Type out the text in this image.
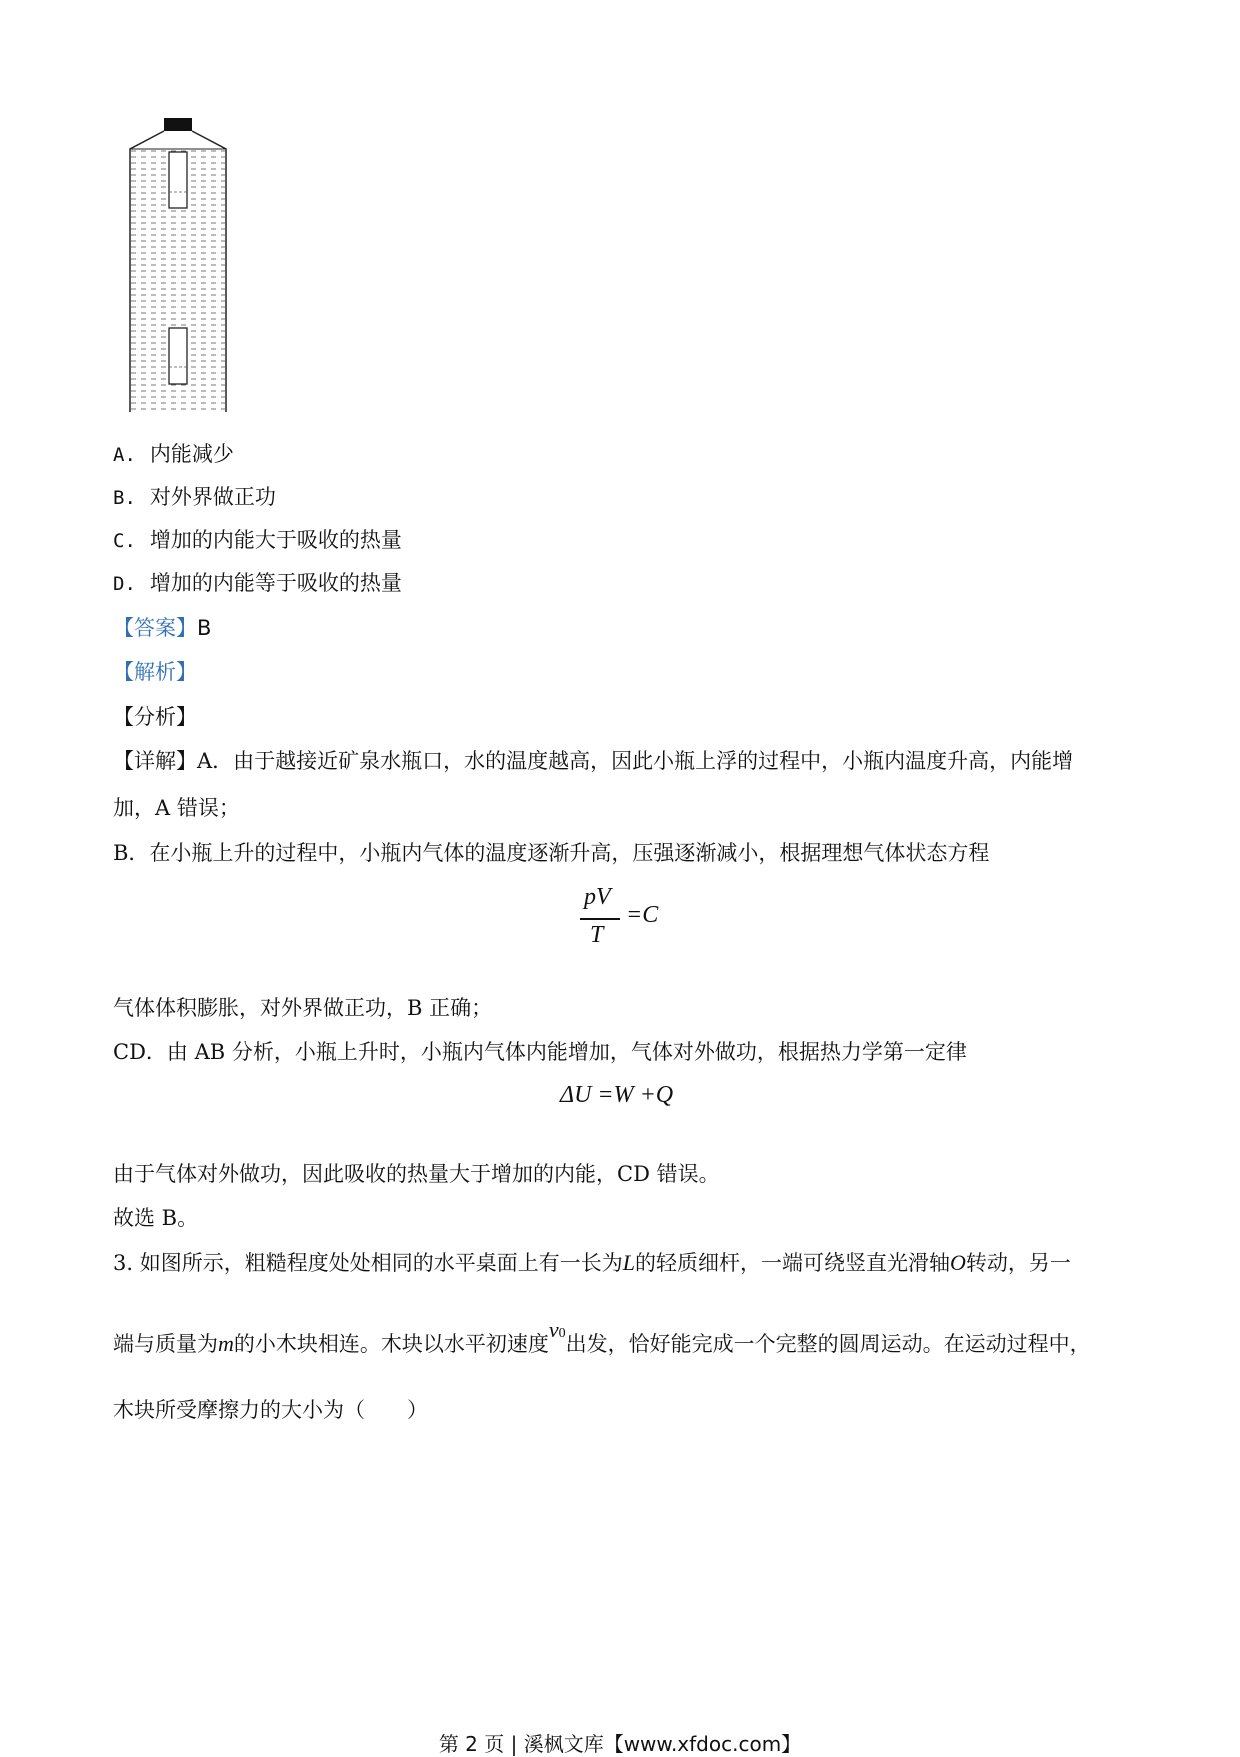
A. 内能减少
B. 对外界做正功
C. 增加的内能大于吸收的热量
D. 增加的内能等于吸收的热量
【答案】B
【解析】
【分析】
【详解】A．由于越接近矿泉水瓶口，水的温度越高，因此小瓶上浮的过程中，小瓶内温度升高，内能增
加，A 错误；
B．在小瓶上升的过程中，小瓶内气体的温度逐渐升高，压强逐渐减小，根据理想气体状态方程
pV
T
=C
气体体积膨胀，对外界做正功，B 正确；
CD．由 AB 分析，小瓶上升时，小瓶内气体内能增加，气体对外做功，根据热力学第一定律
ΔU =W +Q
由于气体对外做功，因此吸收的热量大于增加的内能，CD 错误。
故选 B。
3. 如图所示，粗糙程度处处相同的水平桌面上有一长为L的轻质细杆，一端可绕竖直光滑轴O转动，另一
端与质量为m的小木块相连。木块以水平初速度v0出发，恰好能完成一个完整的圆周运动。在运动过程中，
木块所受摩擦力的大小为（　　）
第 2 页 | 溪枫文库【www.xfdoc.com】
